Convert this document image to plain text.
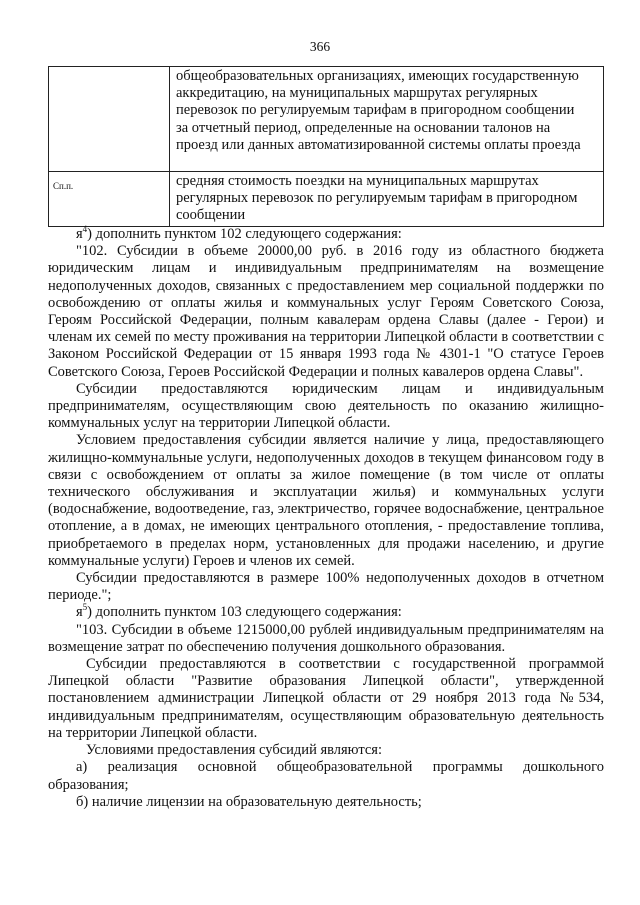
366
	общеобразовательных организациях, имеющих государственную аккредитацию, на муниципальных маршрутах регулярных перевозок по регулируемым тарифам в пригородном сообщении за отчетный период, определенные на основании талонов на проезд или данных автоматизированной системы оплаты проезда
Cп.п.	средняя стоимость поездки на муниципальных маршрутах регулярных перевозок по регулируемым тарифам в пригородном сообщении

$я^4$) дополнить пунктом 102 следующего содержания:

"102. Субсидии в объеме 20000,00 руб. в 2016 году из областного бюджета юридическим лицам и индивидуальным предпринимателям на возмещение недополученных доходов, связанных с предоставлением мер социальной поддержки по освобождению от оплаты жилья и коммунальных услуг Героям Советского Союза, Героям Российской Федерации, полным кавалерам ордена Славы (далее - Герои) и членам их семей по месту проживания на территории Липецкой области в соответствии с Законом Российской Федерации от 15 января 1993 года № 4301-1 "О статусе Героев Советского Союза, Героев Российской Федерации и полных кавалеров ордена Славы".

Субсидии предоставляются юридическим лицам и индивидуальным предпринимателям, осуществляющим свою деятельность по оказанию жилищно-коммунальных услуг на территории Липецкой области.

Условием предоставления субсидии является наличие у лица, предоставляющего жилищно-коммунальные услуги, недополученных доходов в текущем финансовом году в связи с освобождением от оплаты за жилое помещение (в том числе от оплаты технического обслуживания и эксплуатации жилья) и коммунальных услуги (водоснабжение, водоотведение, газ, электричество, горячее водоснабжение, центральное отопление, а в домах, не имеющих центрального отопления, - предоставление топлива, приобретаемого в пределах норм, установленных для продажи населению, и другие коммунальные услуги) Героев и членов их семей.

Субсидии предоставляются в размере 100% недополученных доходов в отчетном периоде.";

$я^5$) дополнить пунктом 103 следующего содержания:

"103. Субсидии в объеме 1215000,00 рублей индивидуальным предпринимателям на возмещение затрат по обеспечению получения дошкольного образования.

Субсидии предоставляются в соответствии с государственной программой Липецкой области "Развитие образования Липецкой области", утвержденной постановлением администрации Липецкой области от 29 ноября 2013 года №534, индивидуальным предпринимателям, осуществляющим образовательную деятельность на территории Липецкой области.

Условиями предоставления субсидий являются:

а) реализация основной общеобразовательной программы дошкольного образования;

б) наличие лицензии на образовательную деятельность;
